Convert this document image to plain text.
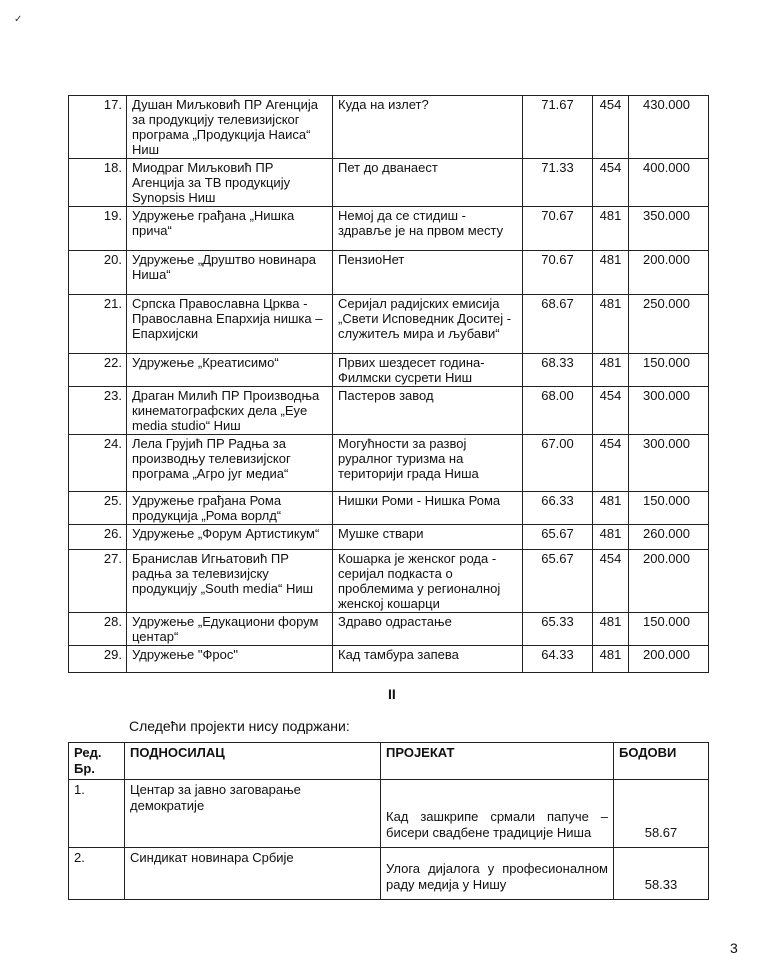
✓
17.	Душан Миљковић ПР Агенција за продукцију телевизијског програма „Продукција Наиса“ Ниш	Куда на излет?	71.67	454	430.000
18.	Миодраг Миљковић ПР Агенција за ТВ продукцију Synopsis Ниш	Пет до дванаест	71.33	454	400.000
19.	Удружење грађана „Нишка прича“	Немој да се стидиш - здравље је на првом месту	70.67	481	350.000
20.	Удружење „Друштво новинара Ниша“	ПензиоНет	70.67	481	200.000
21.	Српска Православна Црква - Православна Епархија нишка – Епархијски	Серијал радијских емисија „Свети Исповедник Доситеј - служитељ мира и љубави“	68.67	481	250.000
22.	Удружење „Креатисимо“	Првих шездесет година-Филмски сусрети Ниш	68.33	481	150.000
23.	Драган Милић ПР Производња кинематографских дела „Eye media studio“ Ниш	Пастеров завод	68.00	454	300.000
24.	Лела Грујић ПР Радња за производњу телевизијског програма „Агро југ медиа“	Могућности за развој руралног туризма на територији града Ниша	67.00	454	300.000
25.	Удружење грађана Рома продукција „Рома ворлд“	Нишки Роми - Нишка Рома	66.33	481	150.000
26.	Удружење „Форум Артистикум“	Мушке ствари	65.67	481	260.000
27.	Бранислав Игњатовић ПР радња за телевизијску продукцију „South media“ Ниш	Кошарка је женског рода - серијал подкаста о проблемима у регионалној женској кошарци	65.67	454	200.000
28.	Удружење „Едукациони форум центар“	Здраво одрастање	65.33	481	150.000
29.	Удружење "Фрос"	Кад тамбура запева	64.33	481	200.000
II
Следећи пројекти нису подржани:
Ред. Бр.	ПОДНОСИЛАЦ	ПРОЈЕКАТ	БОДОВИ
1.	Центар за јавно заговарање демократије	Кад зашкрипе срмали папуче – бисери свадбене традиције Ниша	58.67
2.	Синдикат новинара Србије	Улога дијалога у професионалном раду медија у Нишу	58.33
3
